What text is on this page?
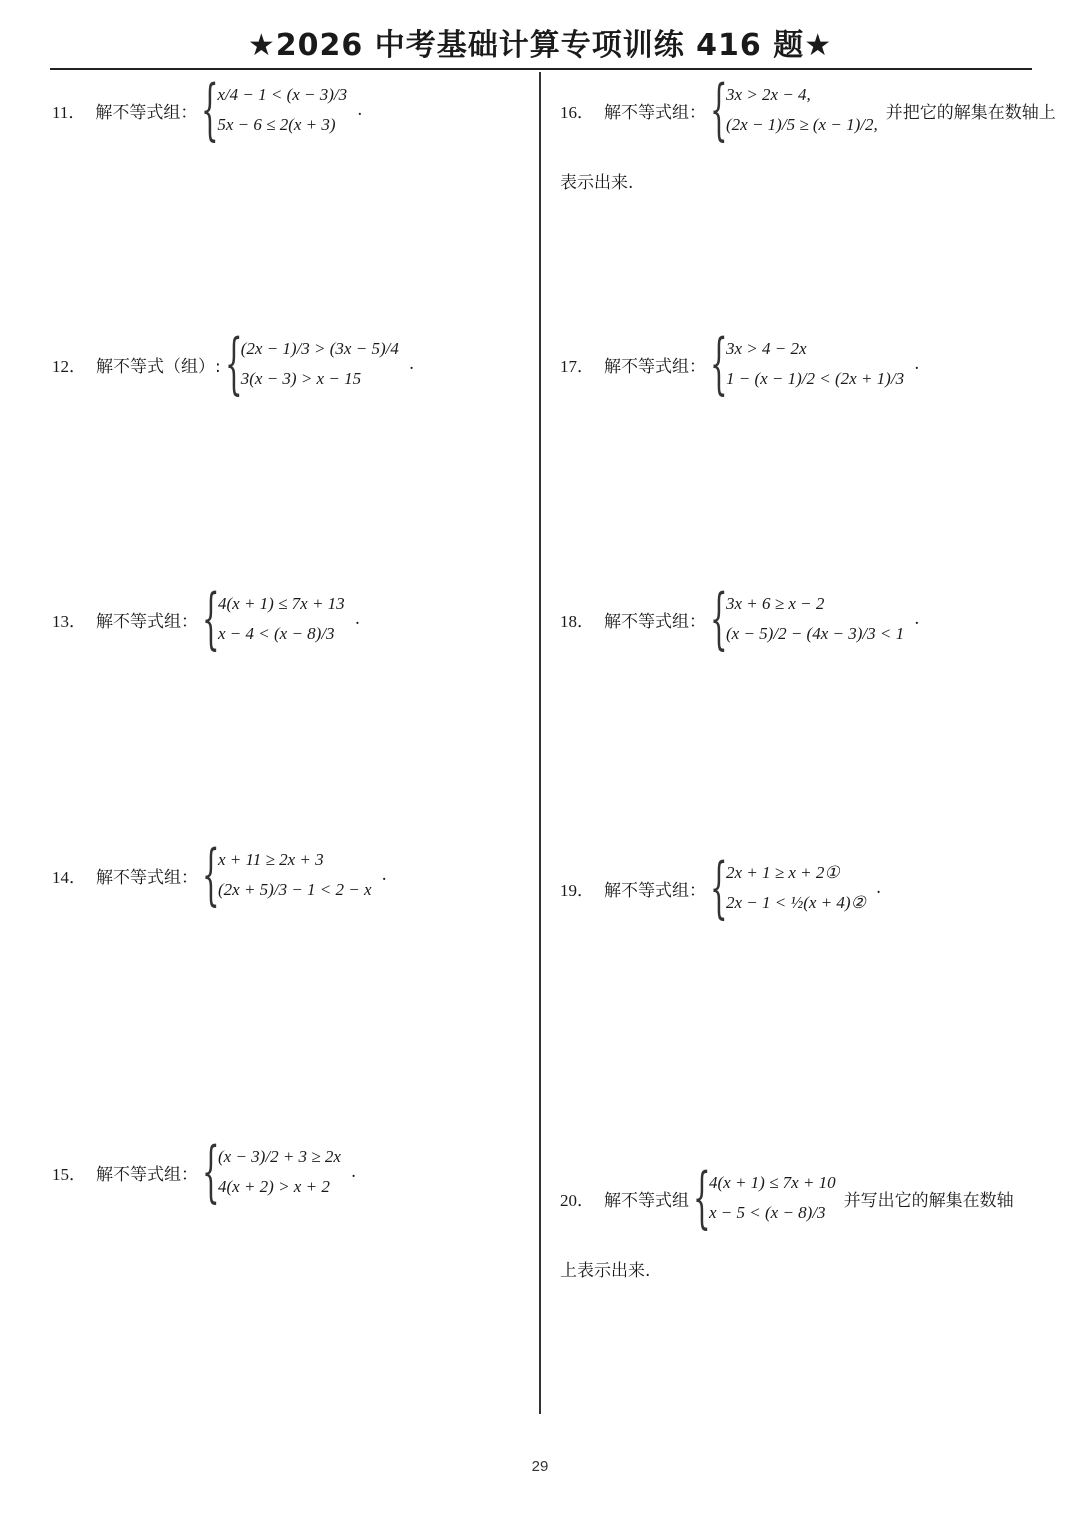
★2026 中考基础计算专项训练 416 题★
11． 解不等式组： {
x/4 − 1 < (x − 3)/3
5x − 6 ≤ 2(x + 3)
.
12． 解不等式（组）: {
(2x − 1)/3 > (3x − 5)/4
3(x − 3) > x − 15
.
13． 解不等式组： {
4(x + 1) ≤ 7x + 13
x − 4 < (x − 8)/3
.
14． 解不等式组： {
x + 11 ≥ 2x + 3
(2x + 5)/3 − 1 < 2 − x
.
15． 解不等式组： {
(x − 3)/2 + 3 ≥ 2x
4(x + 2) > x + 2
.
16． 解不等式组： {
3x > 2x − 4,
(2x − 1)/5 ≥ (x − 1)/2,
并把它的解集在数轴上
表示出来.
17． 解不等式组： {
3x > 4 − 2x
1 − (x − 1)/2 < (2x + 1)/3
.
18． 解不等式组： {
3x + 6 ≥ x − 2
(x − 5)/2 − (4x − 3)/3 < 1
.
19． 解不等式组： {
2x + 1 ≥ x + 2①
2x − 1 < ½(x + 4)②
.
20． 解不等式组 {
4(x + 1) ≤ 7x + 10
x − 5 < (x − 8)/3
并写出它的解集在数轴
上表示出来.
29
